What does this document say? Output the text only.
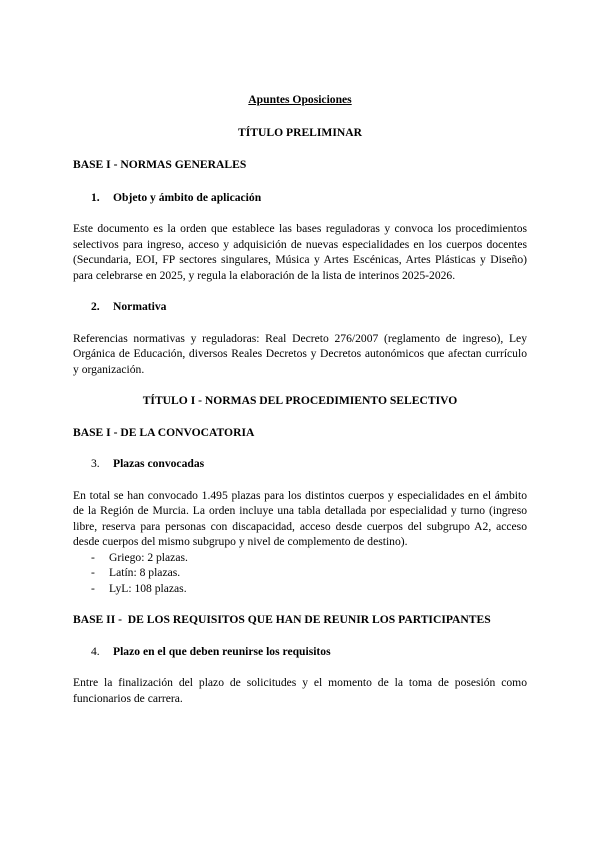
Apuntes Oposiciones

TÍTULO PRELIMINAR

BASE I - NORMAS GENERALES

1. Objeto y ámbito de aplicación

Este documento es la orden que establece las bases reguladoras y convoca los procedimientos selectivos para ingreso, acceso y adquisición de nuevas especialidades en los cuerpos docentes (Secundaria, EOI, FP sectores singulares, Música y Artes Escénicas, Artes Plásticas y Diseño) para celebrarse en 2025, y regula la elaboración de la lista de interinos 2025-2026.

2. Normativa

Referencias normativas y reguladoras: Real Decreto 276/2007 (reglamento de ingreso), Ley Orgánica de Educación, diversos Reales Decretos y Decretos autonómicos que afectan currículo y organización.

TÍTULO I - NORMAS DEL PROCEDIMIENTO SELECTIVO

BASE I - DE LA CONVOCATORIA

3. Plazas convocadas

En total se han convocado 1.495 plazas para los distintos cuerpos y especialidades en el ámbito de la Región de Murcia. La orden incluye una tabla detallada por especialidad y turno (ingreso libre, reserva para personas con discapacidad, acceso desde cuerpos del subgrupo A2, acceso desde cuerpos del mismo subgrupo y nivel de complemento de destino).

- Griego: 2 plazas.
- Latín: 8 plazas.
- LyL: 108 plazas.

BASE II -  DE LOS REQUISITOS QUE HAN DE REUNIR LOS PARTICIPANTES

4. Plazo en el que deben reunirse los requisitos

Entre la finalización del plazo de solicitudes y el momento de la toma de posesión como funcionarios de carrera.
